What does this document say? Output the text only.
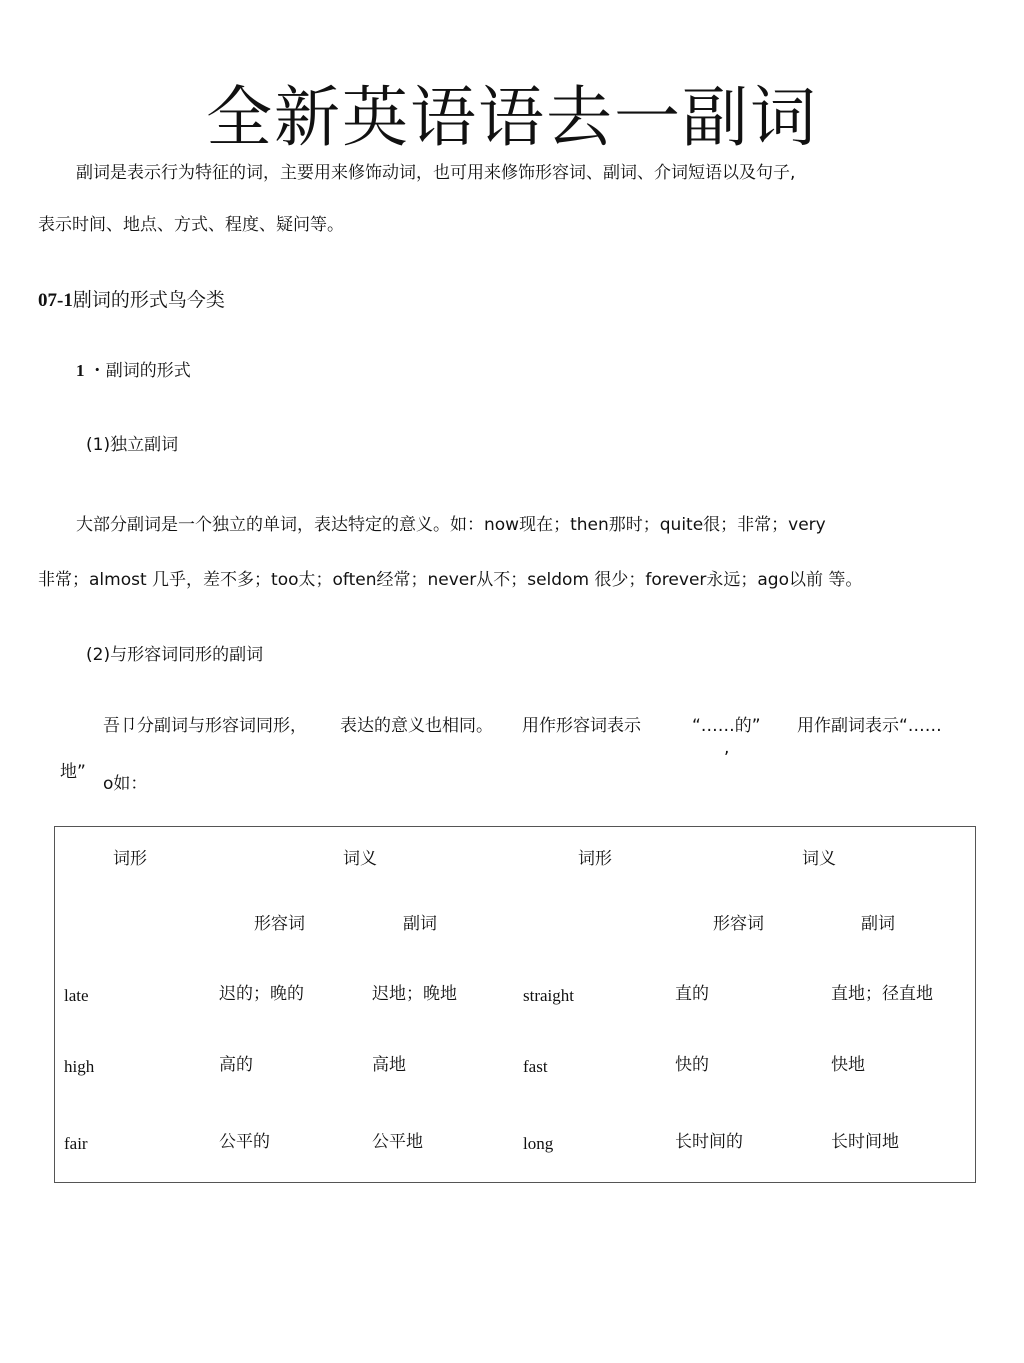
全新英语语去一副词
副词是表示行为特征的词，主要用来修饰动词，也可用来修饰形容词、副词、介词短语以及句子,
表示时间、地点、方式、程度、疑问等。
07-1剧词的形式鸟今类
1 ・副词的形式
(1)独立副词
大部分副词是一个独立的单词，表达特定的意义。如：now现在；then那时；quite很；非常；very
非常；almost 几乎，差不多；too太；often经常；never从不；seldom 很少；forever永远；ago以前 等。
(2)与形容词同形的副词
吾卩分副词与形容词同形， 表达的意义也相同。 用作形容词表示	“……的” 用作副词表示“……
,
地”
o如：
词形	词义	词形	词义
形容词	副词	形容词	副词
late	迟的；晚的	迟地；晚地	straight	直的	直地；径直地
high	高的	高地	fast	快的	快地
fair	公平的	公平地	long	长时间的	长时间地
